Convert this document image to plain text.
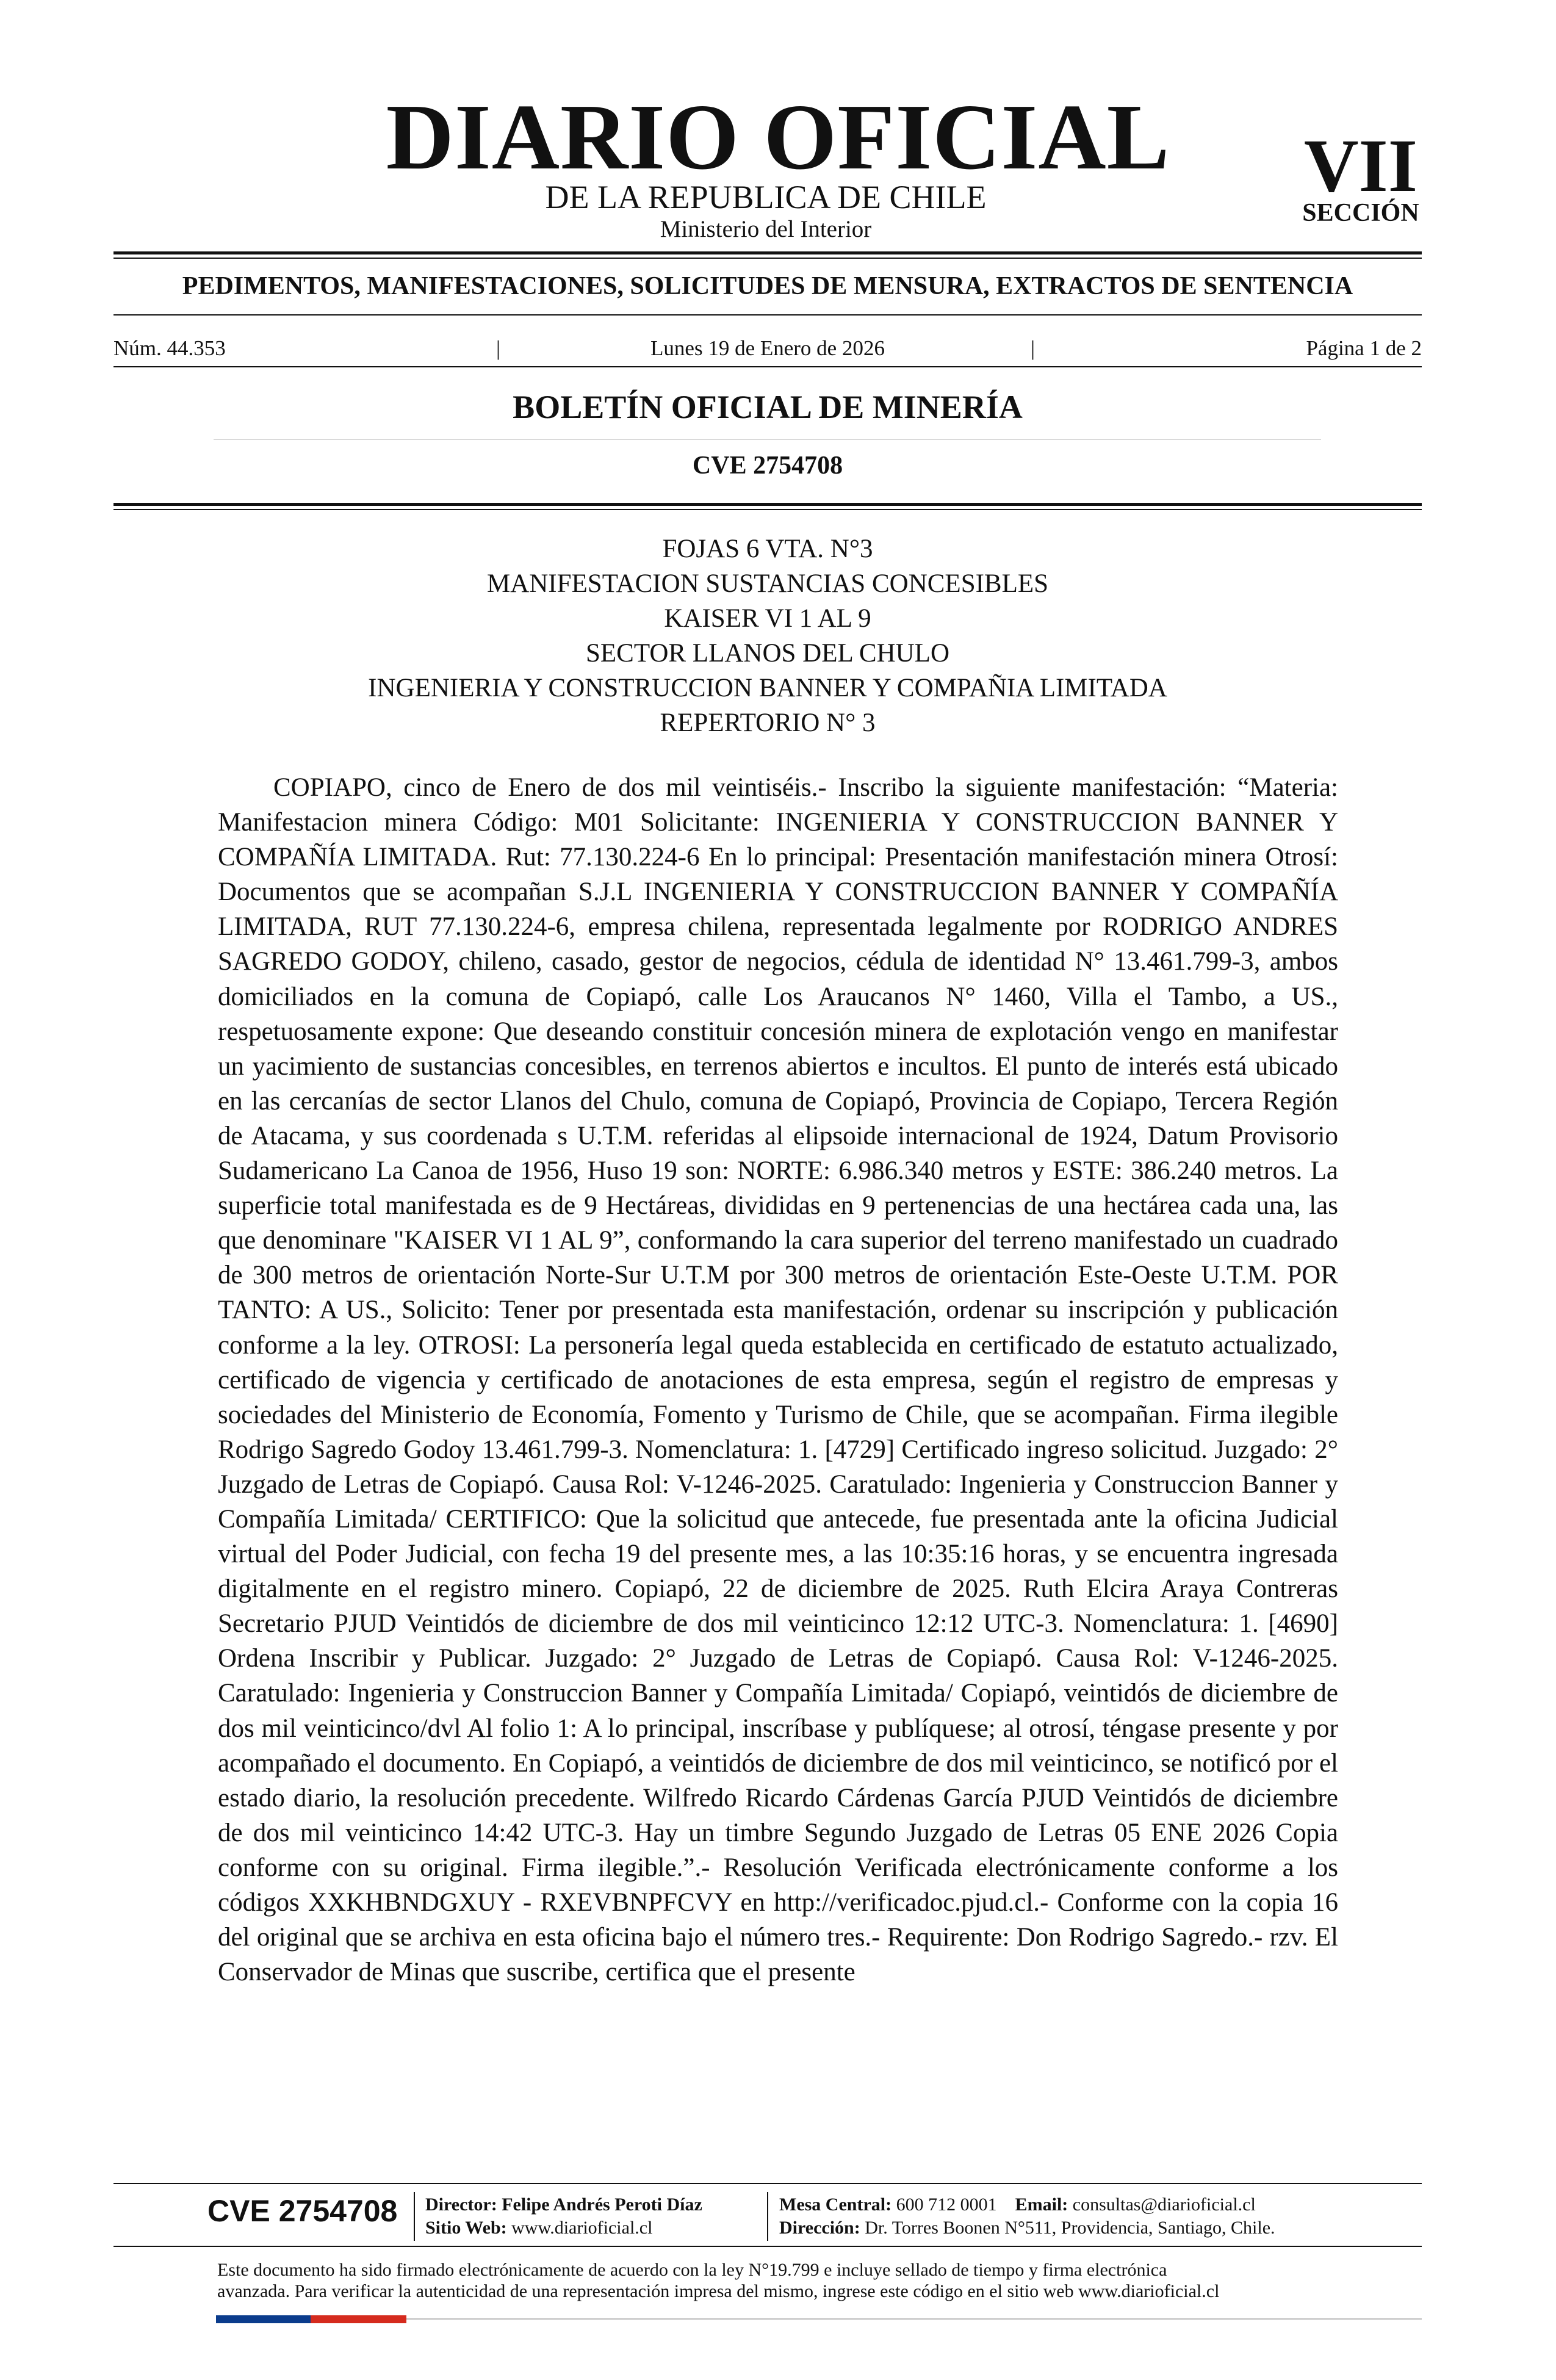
DIARIO OFICIAL
DE LA REPUBLICA DE CHILE
Ministerio del Interior
VII
SECCIÓN
PEDIMENTOS, MANIFESTACIONES, SOLICITUDES DE MENSURA, EXTRACTOS DE SENTENCIA
Núm. 44.353	|	Lunes 19 de Enero de 2026	|	Página 1 de 2
BOLETÍN OFICIAL DE MINERÍA
CVE 2754708
FOJAS 6 VTA. N°3
MANIFESTACION SUSTANCIAS CONCESIBLES
KAISER VI 1 AL 9
SECTOR LLANOS DEL CHULO
INGENIERIA Y CONSTRUCCION BANNER Y COMPAÑIA LIMITADA
REPERTORIO N° 3

COPIAPO, cinco de Enero de dos mil veintiséis.- Inscribo la siguiente manifestación: “Materia: Manifestacion minera Código: M01 Solicitante: INGENIERIA Y CONSTRUCCION BANNER Y COMPAÑÍA LIMITADA. Rut: 77.130.224-6 En lo principal: Presentación manifestación minera Otrosí: Documentos que se acompañan S.J.L INGENIERIA Y CONSTRUCCION BANNER Y COMPAÑÍA LIMITADA, RUT 77.130.224-6, empresa chilena, representada legalmente por RODRIGO ANDRES SAGREDO GODOY, chileno, casado, gestor de negocios, cédula de identidad N° 13.461.799-3, ambos domiciliados en la comuna de Copiapó, calle Los Araucanos N° 1460, Villa el Tambo, a US., respetuosamente expone: Que deseando constituir concesión minera de explotación vengo en manifestar un yacimiento de sustancias concesibles, en terrenos abiertos e incultos. El punto de interés está ubicado en las cercanías de sector Llanos del Chulo, comuna de Copiapó, Provincia de Copiapo, Tercera Región de Atacama, y sus coordenada s U.T.M. referidas al elipsoide internacional de 1924, Datum Provisorio Sudamericano La Canoa de 1956, Huso 19 son: NORTE: 6.986.340 metros y ESTE: 386.240 metros. La superficie total manifestada es de 9 Hectáreas, divididas en 9 pertenencias de una hectárea cada una, las que denominare "KAISER VI 1 AL 9”, conformando la cara superior del terreno manifestado un cuadrado de 300 metros de orientación Norte-Sur U.T.M por 300 metros de orientación Este-Oeste U.T.M. POR TANTO: A US., Solicito: Tener por presentada esta manifestación, ordenar su inscripción y publicación conforme a la ley. OTROSI: La personería legal queda establecida en certificado de estatuto actualizado, certificado de vigencia y certificado de anotaciones de esta empresa, según el registro de empresas y sociedades del Ministerio de Economía, Fomento y Turismo de Chile, que se acompañan. Firma ilegible Rodrigo Sagredo Godoy 13.461.799-3. Nomenclatura: 1. [4729] Certificado ingreso solicitud. Juzgado: 2° Juzgado de Letras de Copiapó. Causa Rol: V-1246-2025. Caratulado: Ingenieria y Construccion Banner y Compañía Limitada/ CERTIFICO: Que la solicitud que antecede, fue presentada ante la oficina Judicial virtual del Poder Judicial, con fecha 19 del presente mes, a las 10:35:16 horas, y se encuentra ingresada digitalmente en el registro minero. Copiapó, 22 de diciembre de 2025. Ruth Elcira Araya Contreras Secretario PJUD Veintidós de diciembre de dos mil veinticinco 12:12 UTC-3. Nomenclatura: 1. [4690] Ordena Inscribir y Publicar. Juzgado: 2° Juzgado de Letras de Copiapó. Causa Rol: V-1246-2025. Caratulado: Ingenieria y Construccion Banner y Compañía Limitada/ Copiapó, veintidós de diciembre de dos mil veinticinco/dvl Al folio 1: A lo principal, inscríbase y publíquese; al otrosí, téngase presente y por acompañado el documento. En Copiapó, a veintidós de diciembre de dos mil veinticinco, se notificó por el estado diario, la resolución precedente. Wilfredo Ricardo Cárdenas García PJUD Veintidós de diciembre de dos mil veinticinco 14:42 UTC-3. Hay un timbre Segundo Juzgado de Letras 05 ENE 2026 Copia conforme con su original. Firma ilegible.”.- Resolución Verificada electrónicamente conforme a los códigos XXKHBNDGXUY - RXEVBNPFCVY en http://verificadoc.pjud.cl.- Conforme con la copia 16 del original que se archiva en esta oficina bajo el número tres.- Requirente: Don Rodrigo Sagredo.- rzv. El Conservador de Minas que suscribe, certifica que el presente

CVE 2754708 Director: Felipe Andrés Peroti Díaz
Sitio Web: www.diarioficial.cl
Mesa Central: 600 712 0001 Email: consultas@diarioficial.cl
Dirección: Dr. Torres Boonen N°511, Providencia, Santiago, Chile.
Este documento ha sido firmado electrónicamente de acuerdo con la ley N°19.799 e incluye sellado de tiempo y firma electrónica
avanzada. Para verificar la autenticidad de una representación impresa del mismo, ingrese este código en el sitio web www.diarioficial.cl
